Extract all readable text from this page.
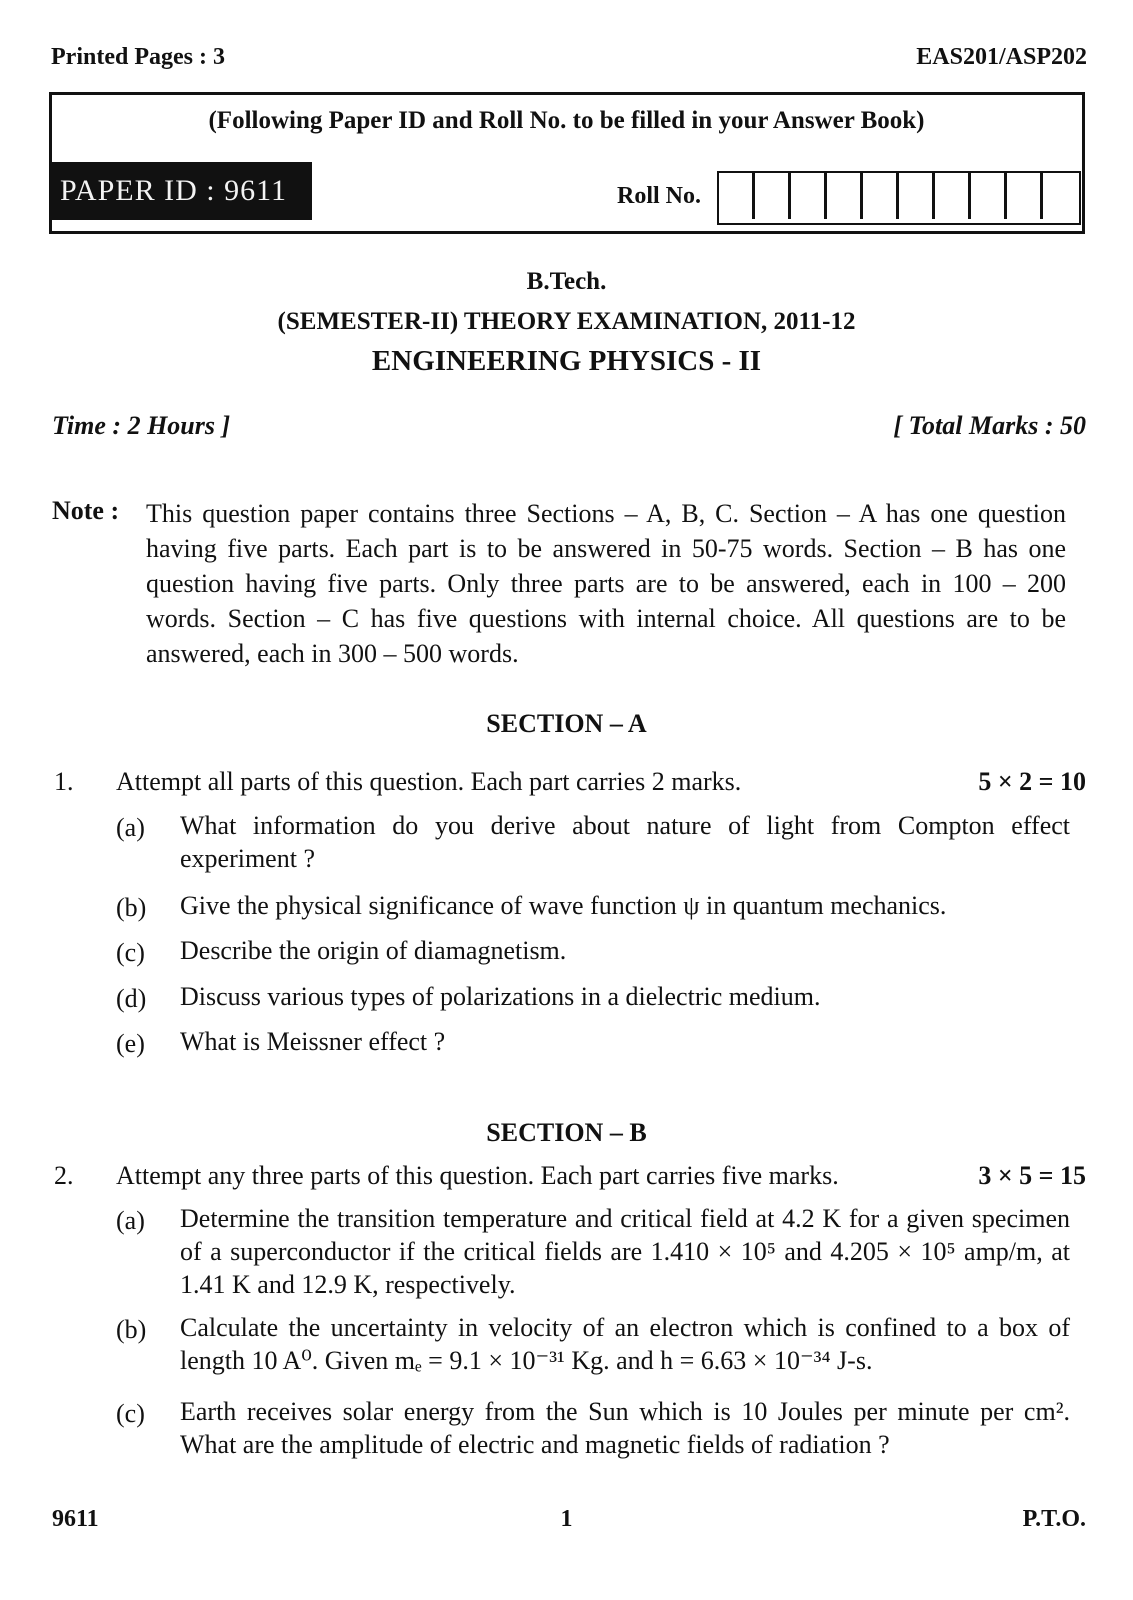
Printed Pages : 3	EAS201/ASP202
(Following Paper ID and Roll No. to be filled in your Answer Book)
PAPER ID : 9611	Roll No.
B.Tech.
(SEMESTER-II) THEORY EXAMINATION, 2011-12
ENGINEERING PHYSICS - II
Time : 2 Hours ]	[ Total Marks : 50
Note : This question paper contains three Sections – A, B, C. Section – A has one question having five parts. Each part is to be answered in 50-75 words. Section – B has one question having five parts. Only three parts are to be answered, each in 100 – 200 words. Section – C has five questions with internal choice. All questions are to be answered, each in 300 – 500 words.
SECTION – A
1. Attempt all parts of this question. Each part carries 2 marks.	5 × 2 = 10
(a) What information do you derive about nature of light from Compton effect experiment ?
(b) Give the physical significance of wave function ψ in quantum mechanics.
(c) Describe the origin of diamagnetism.
(d) Discuss various types of polarizations in a dielectric medium.
(e) What is Meissner effect ?
SECTION – B
2. Attempt any three parts of this question. Each part carries five marks.	3 × 5 = 15
(a) Determine the transition temperature and critical field at 4.2 K for a given specimen of a superconductor if the critical fields are 1.410 × 10⁵ and 4.205 × 10⁵ amp/m, at 1.41 K and 12.9 K, respectively.
(b) Calculate the uncertainty in velocity of an electron which is confined to a box of length 10 A⁰. Given mₑ = 9.1 × 10⁻³¹ Kg. and h = 6.63 × 10⁻³⁴ J-s.
(c) Earth receives solar energy from the Sun which is 10 Joules per minute per cm². What are the amplitude of electric and magnetic fields of radiation ?
9611	1	P.T.O.
